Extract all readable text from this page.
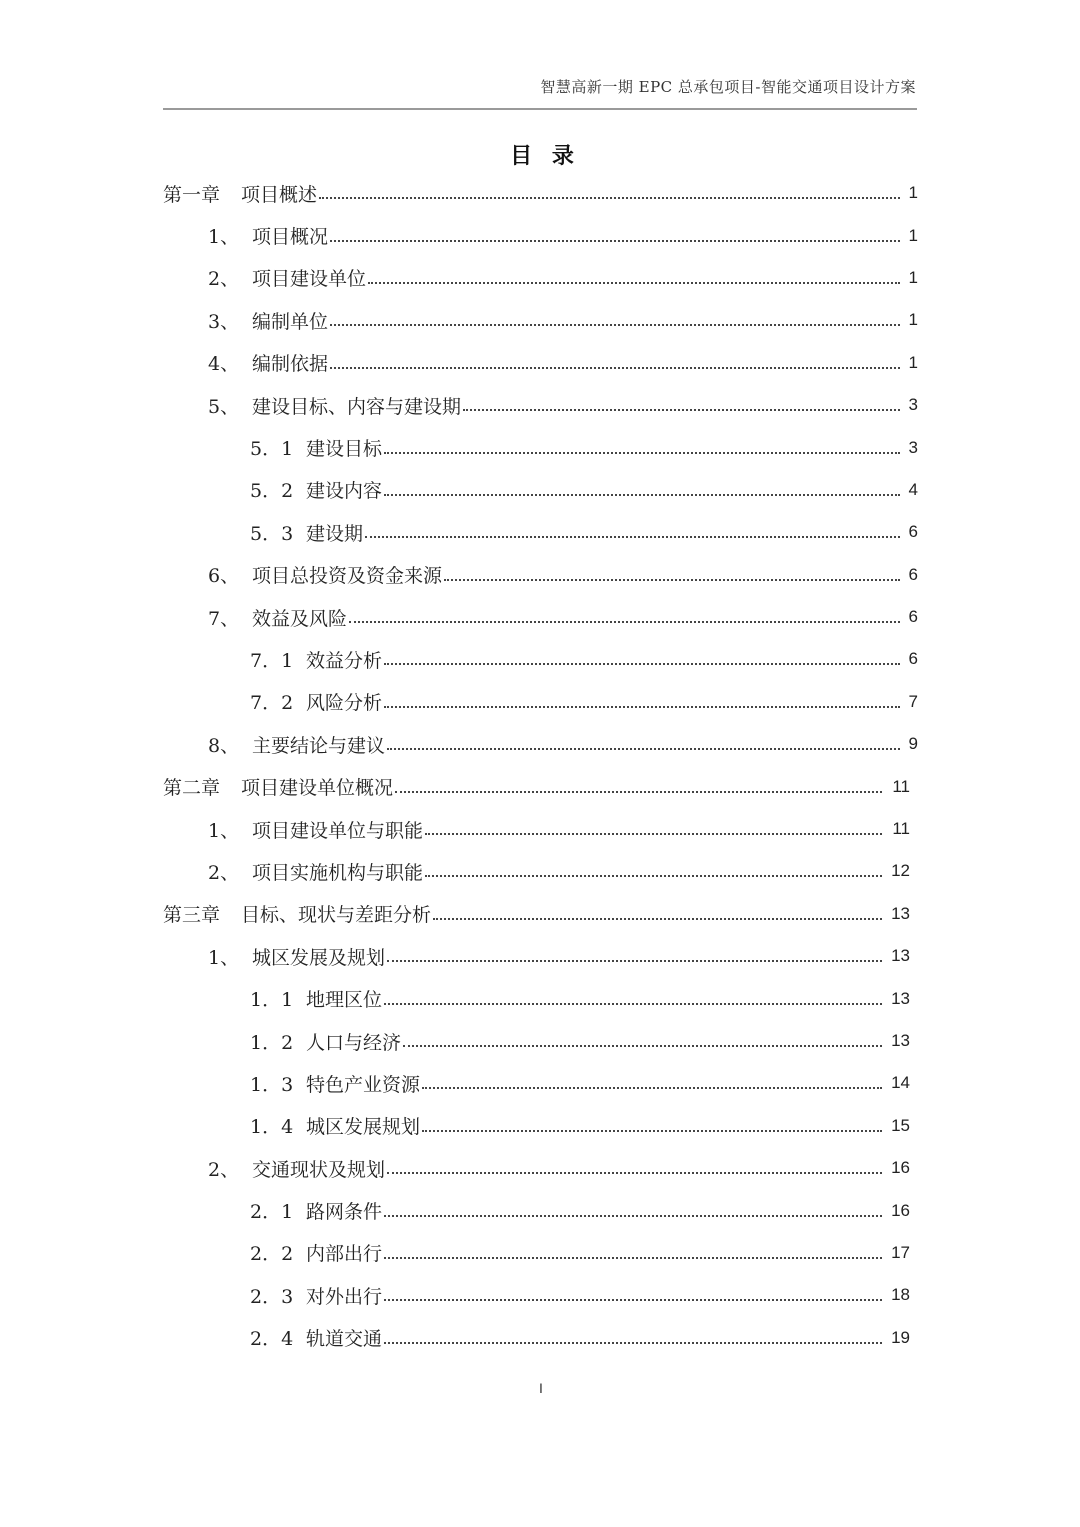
智慧高新一期 EPC 总承包项目-智能交通项目设计方案
目 录
第一章	项目概述	1
1、 项目概况	1
2、 项目建设单位	1
3、 编制单位	1
4、 编制依据	1
5、 建设目标、内容与建设期	3
5．1 建设目标	3
5．2 建设内容	4
5．3 建设期	6
6、 项目总投资及资金来源	6
7、 效益及风险	6
7．1 效益分析	6
7．2 风险分析	7
8、 主要结论与建议	9
第二章	项目建设单位概况	11
1、 项目建设单位与职能	11
2、 项目实施机构与职能	12
第三章	目标、现状与差距分析	13
1、 城区发展及规划	13
1．1 地理区位	13
1．2 人口与经济	13
1．3 特色产业资源	14
1．4 城区发展规划	15
2、 交通现状及规划	16
2．1 路网条件	16
2．2 内部出行	17
2．3 对外出行	18
2．4 轨道交通	19
I
